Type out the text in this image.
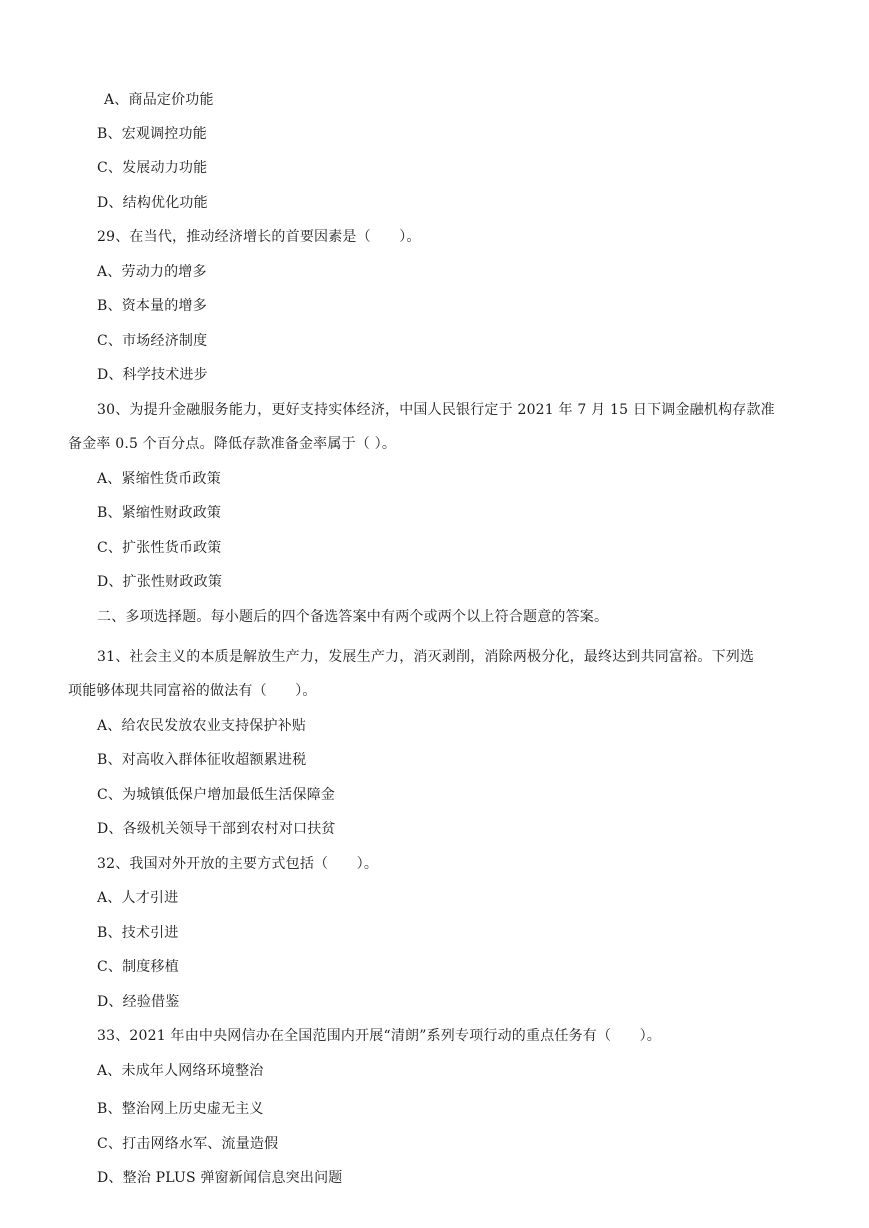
A、商品定价功能
B、宏观调控功能
C、发展动力功能
D、结构优化功能
29、在当代，推动经济增长的首要因素是（　　）。
A、劳动力的增多
B、资本量的增多
C、市场经济制度
D、科学技术进步
30、为提升金融服务能力，更好支持实体经济，中国人民银行定于 2021 年 7 月 15 日下调金融机构存款准
备金率 0.5 个百分点。降低存款准备金率属于（ ）。
A、紧缩性货币政策
B、紧缩性财政政策
C、扩张性货币政策
D、扩张性财政政策
二、多项选择题。每小题后的四个备选答案中有两个或两个以上符合题意的答案。
31、社会主义的本质是解放生产力，发展生产力，消灭剥削，消除两极分化，最终达到共同富裕。下列选
项能够体现共同富裕的做法有（　　）。
A、给农民发放农业支持保护补贴
B、对高收入群体征收超额累进税
C、为城镇低保户增加最低生活保障金
D、各级机关领导干部到农村对口扶贫
32、我国对外开放的主要方式包括（　　）。
A、人才引进
B、技术引进
C、制度移植
D、经验借鉴
33、2021 年由中央网信办在全国范围内开展“清朗”系列专项行动的重点任务有（　　）。
A、未成年人网络环境整治
B、整治网上历史虚无主义
C、打击网络水军、流量造假
D、整治 PLUS 弹窗新闻信息突出问题
